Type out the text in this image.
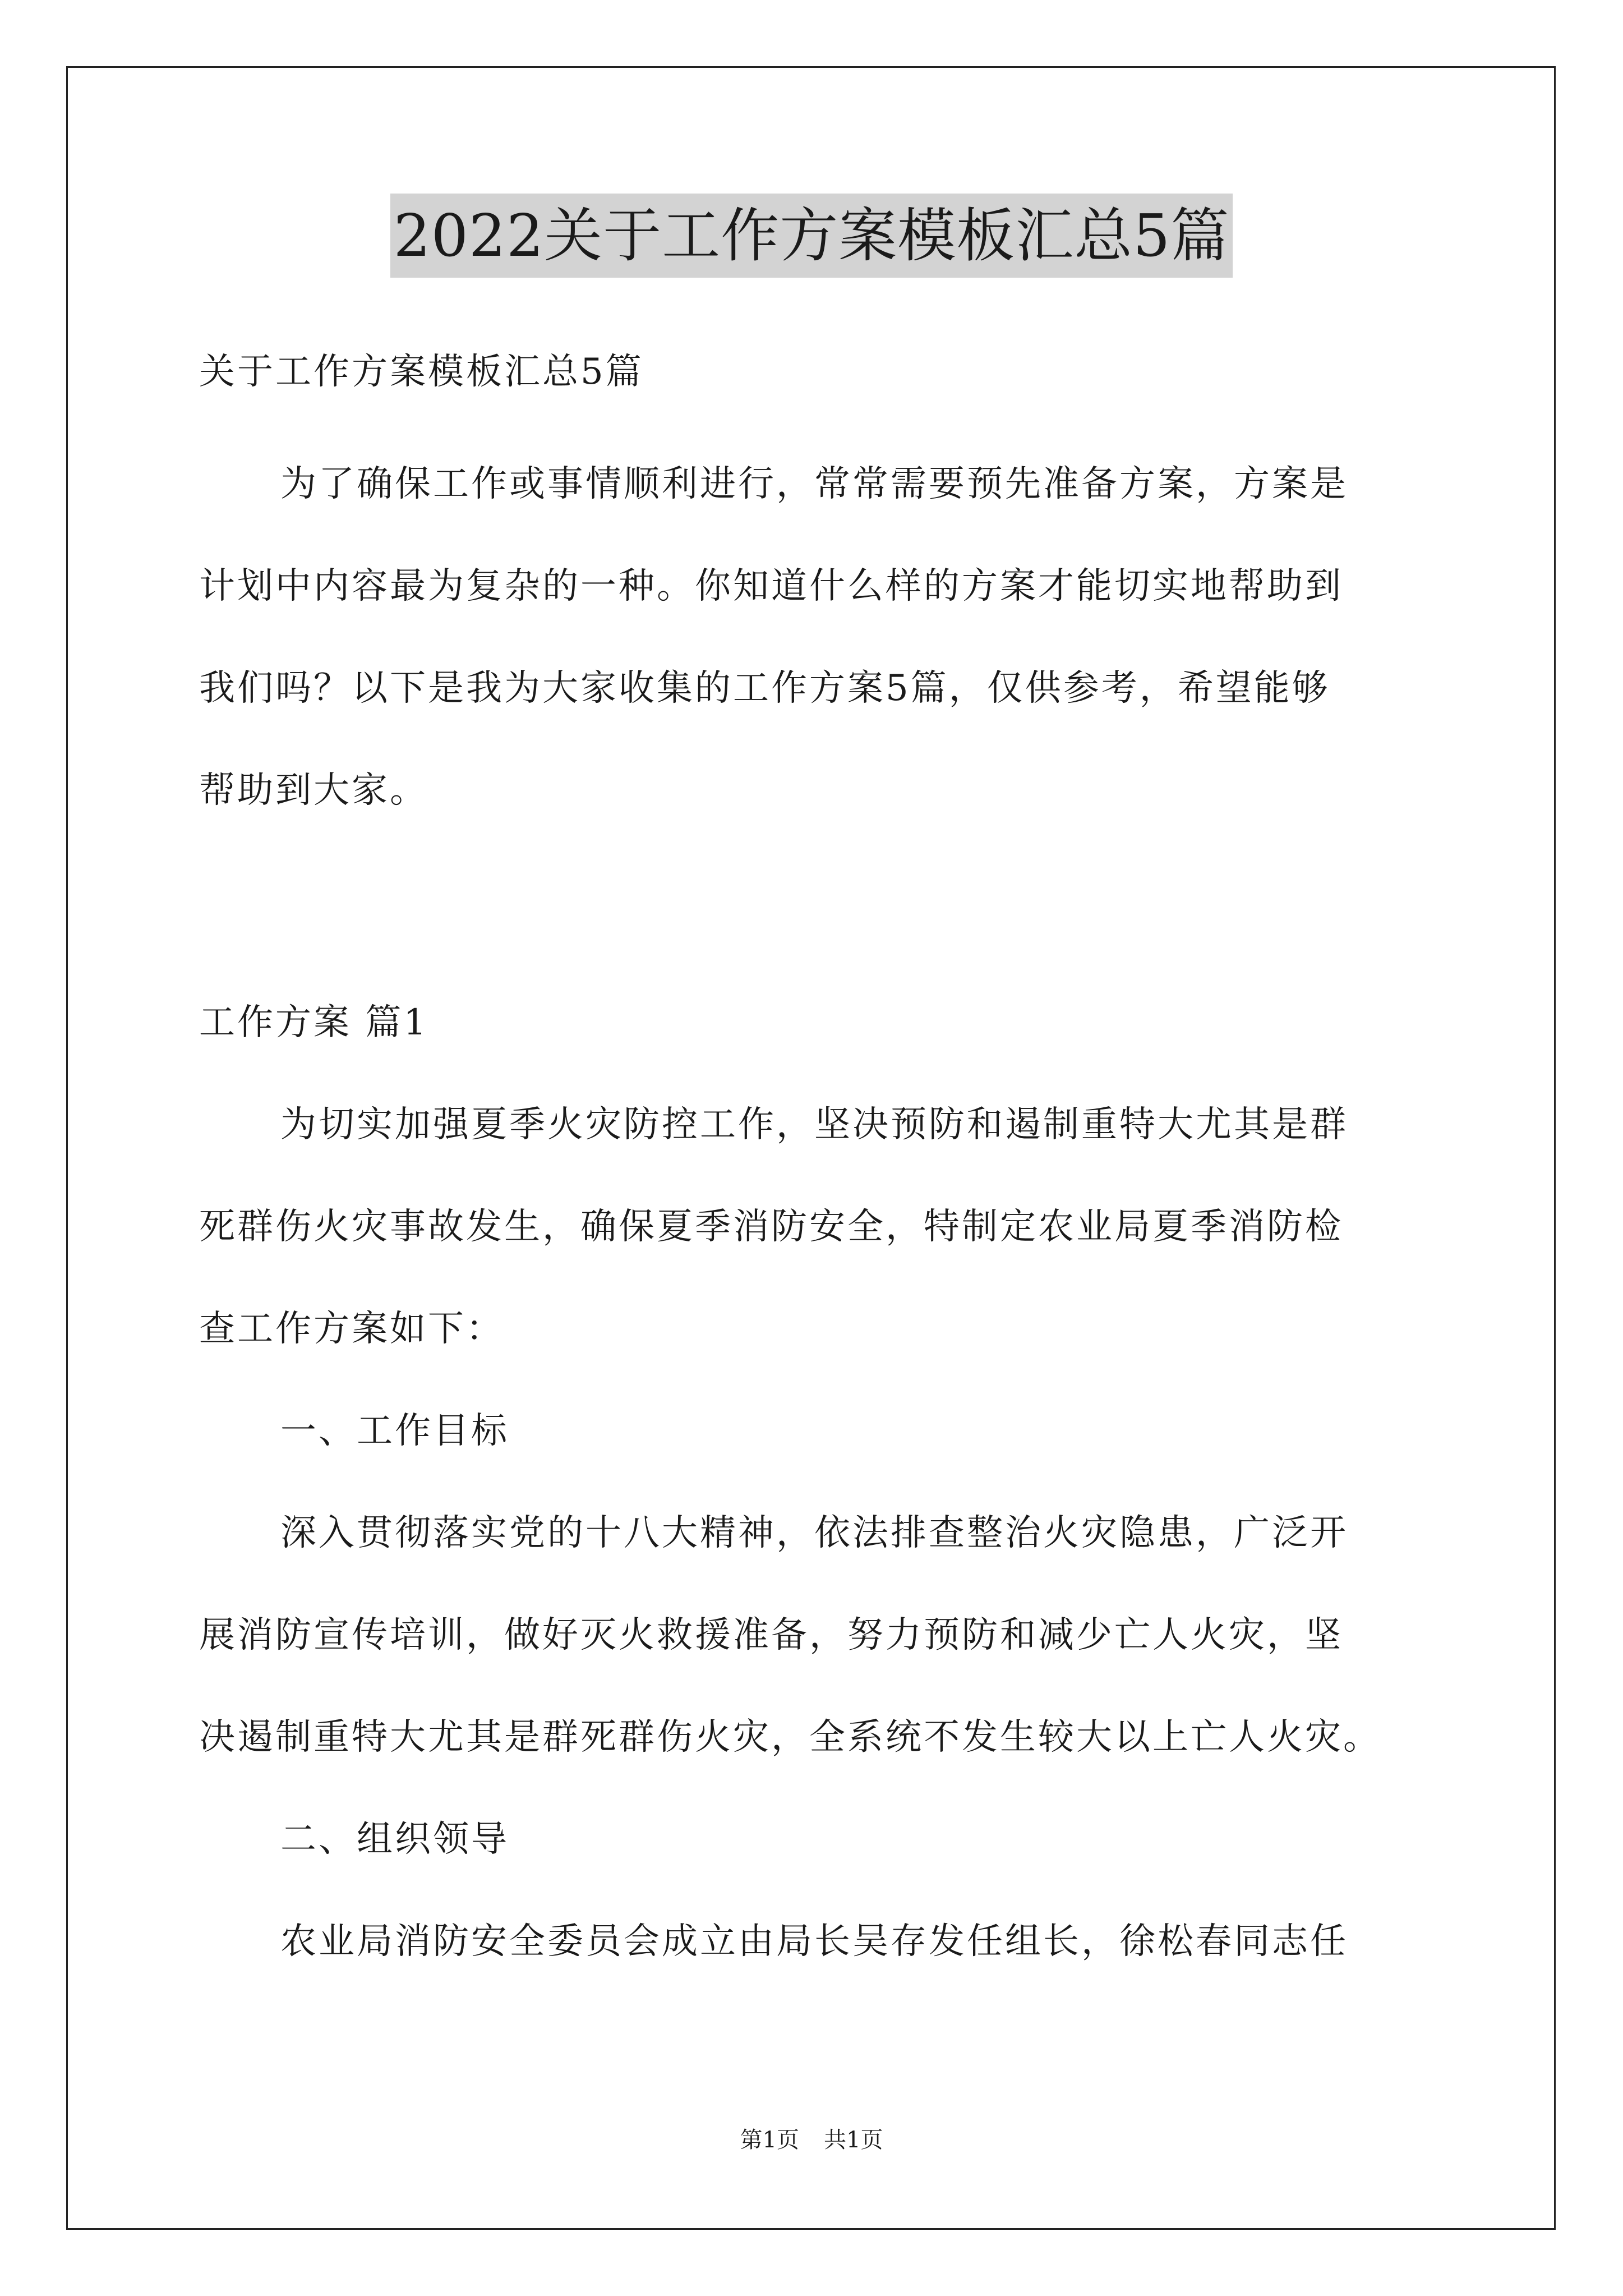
2022关于工作方案模板汇总5篇
关于工作方案模板汇总5篇
为了确保工作或事情顺利进行，常常需要预先准备方案，方案是
计划中内容最为复杂的一种。你知道什么样的方案才能切实地帮助到
我们吗？以下是我为大家收集的工作方案5篇，仅供参考，希望能够
帮助到大家。
工作方案 篇1
为切实加强夏季火灾防控工作，坚决预防和遏制重特大尤其是群
死群伤火灾事故发生，确保夏季消防安全，特制定农业局夏季消防检
查工作方案如下：
一、工作目标
深入贯彻落实党的十八大精神，依法排查整治火灾隐患，广泛开
展消防宣传培训，做好灭火救援准备，努力预防和减少亡人火灾，坚
决遏制重特大尤其是群死群伤火灾，全系统不发生较大以上亡人火灾。
二、组织领导
农业局消防安全委员会成立由局长吴存发任组长，徐松春同志任
第1页 共1页
